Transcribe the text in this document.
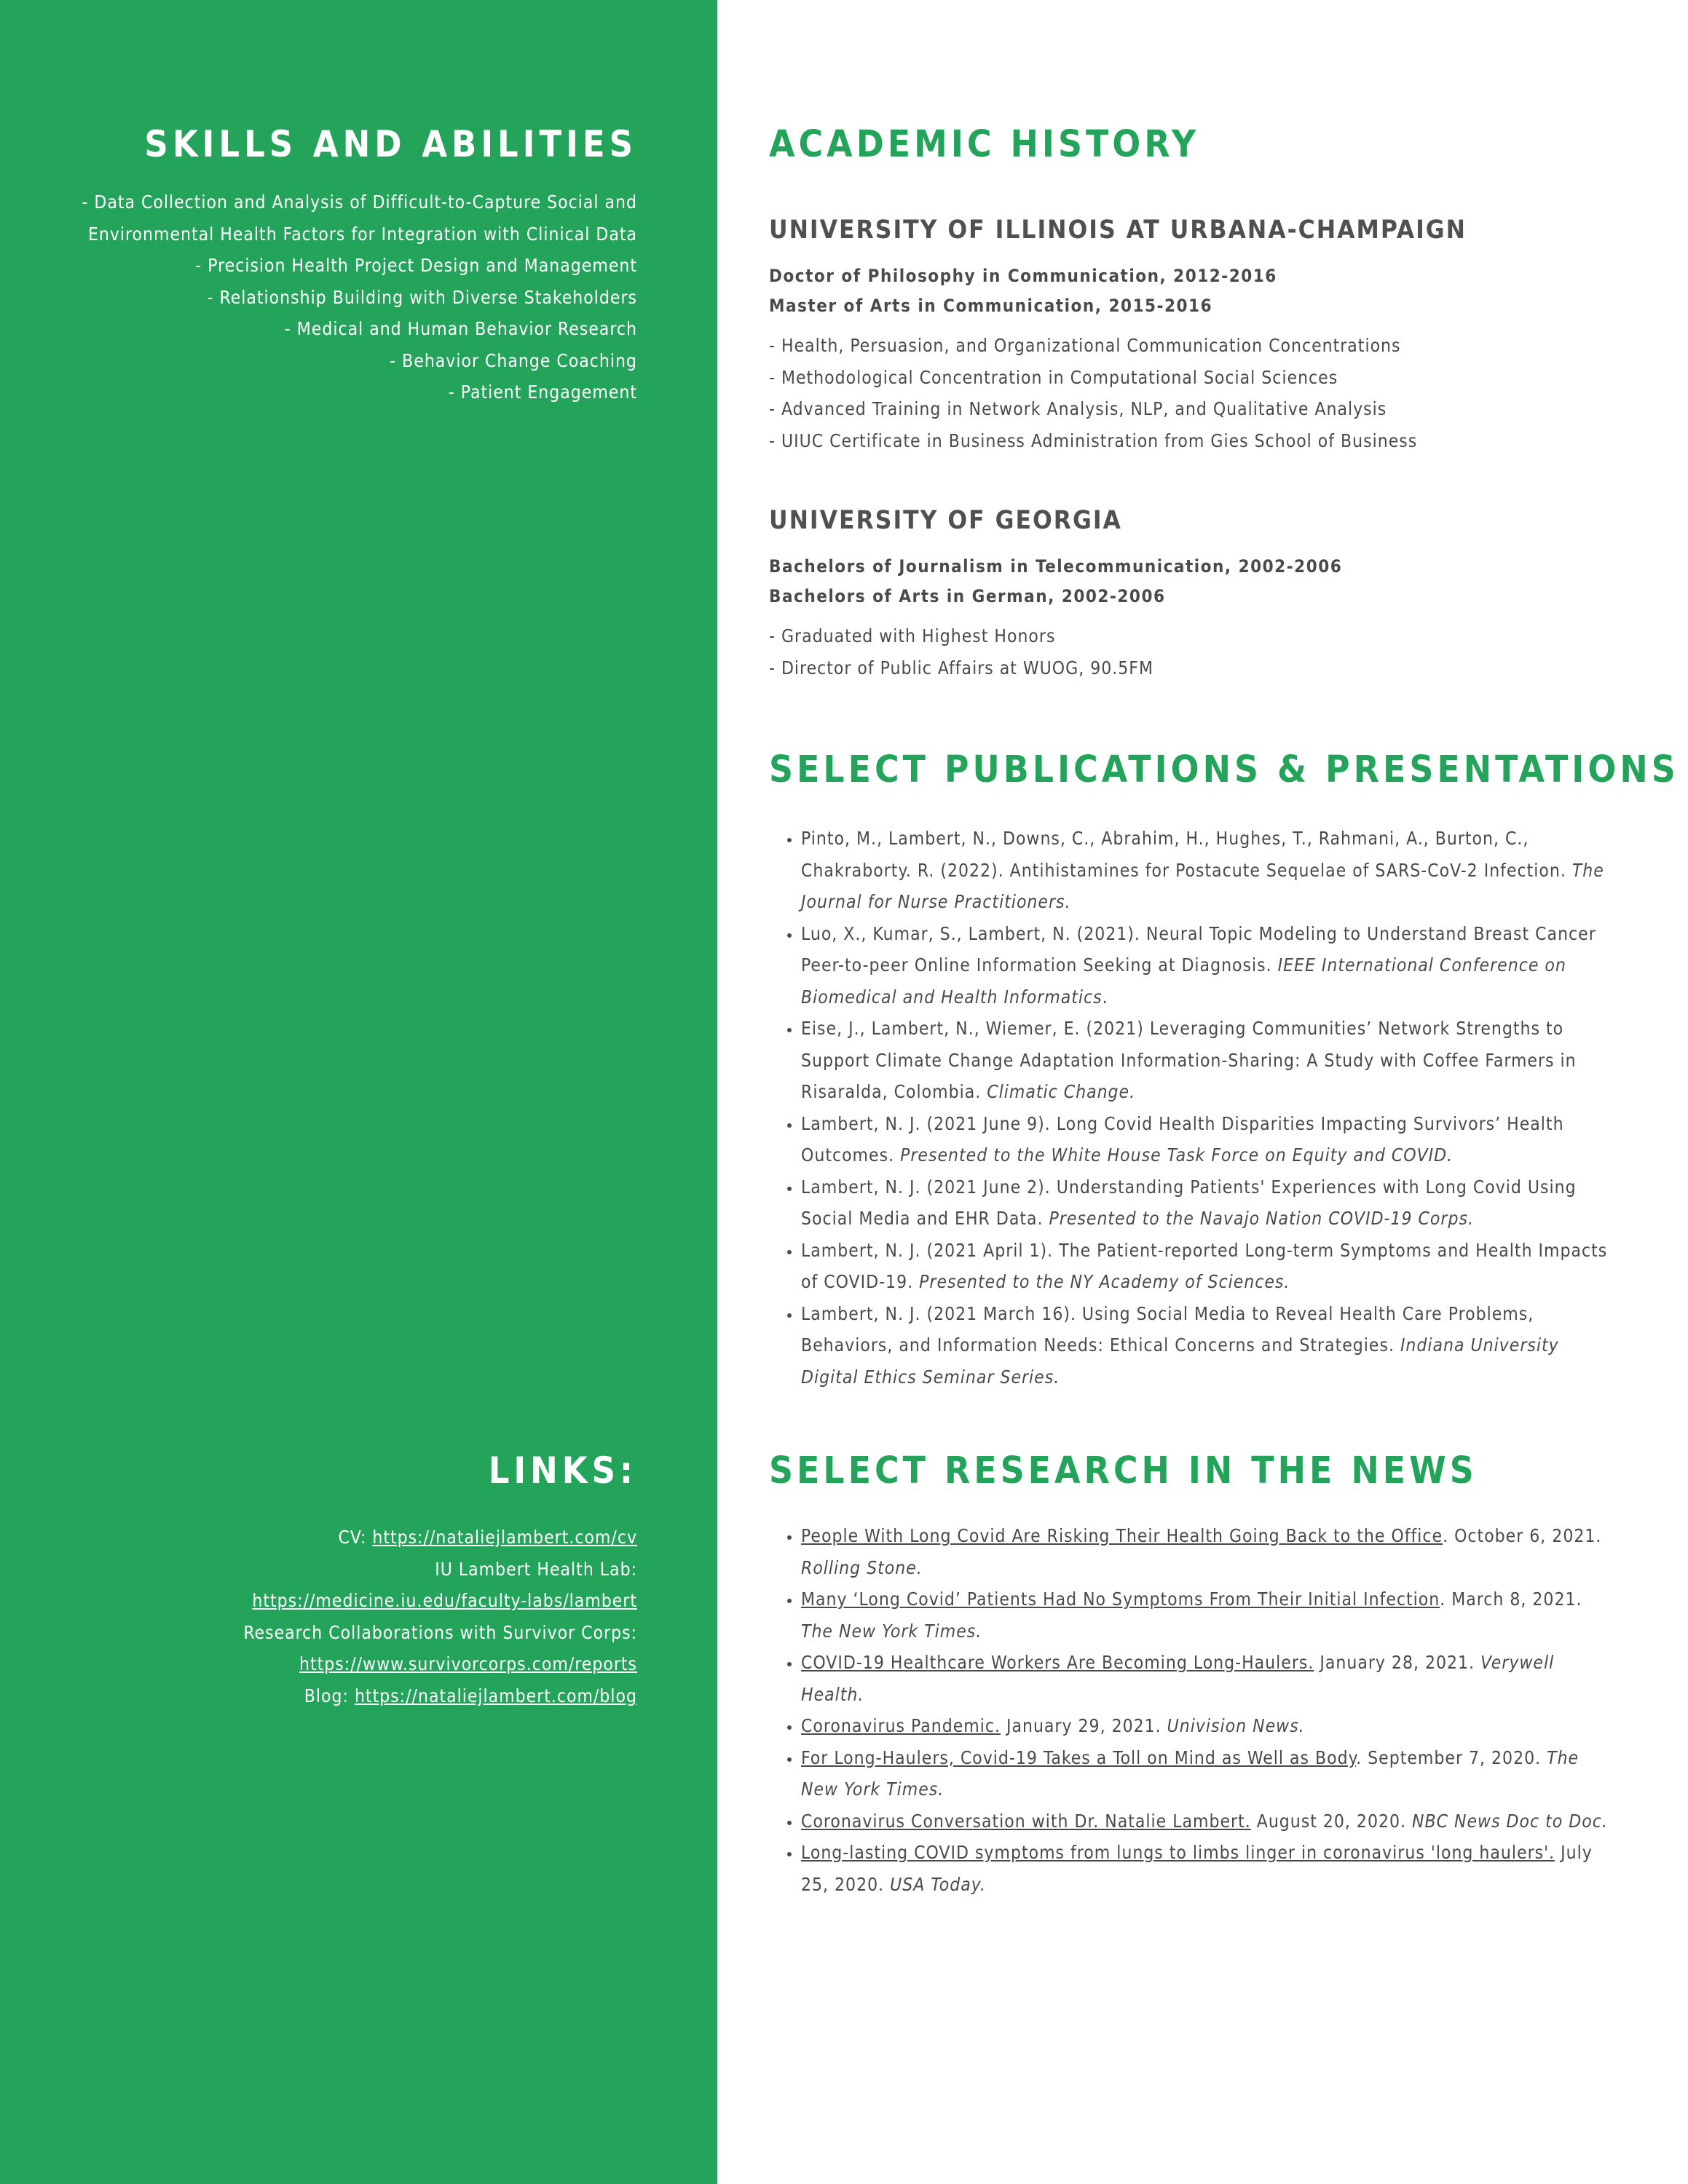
SKILLS AND ABILITIES
- Data Collection and Analysis of Difficult-to-Capture Social and
Environmental Health Factors for Integration with Clinical Data
- Precision Health Project Design and Management
- Relationship Building with Diverse Stakeholders
- Medical and Human Behavior Research
- Behavior Change Coaching
- Patient Engagement
LINKS:
CV: https://nataliejlambert.com/cv
IU Lambert Health Lab:
https://medicine.iu.edu/faculty-labs/lambert
Research Collaborations with Survivor Corps:
https://www.survivorcorps.com/reports
Blog: https://nataliejlambert.com/blog
ACADEMIC HISTORY
UNIVERSITY OF ILLINOIS AT URBANA-CHAMPAIGN
Doctor of Philosophy in Communication, 2012-2016
Master of Arts in Communication, 2015-2016
- Health, Persuasion, and Organizational Communication Concentrations
- Methodological Concentration in Computational Social Sciences
- Advanced Training in Network Analysis, NLP, and Qualitative Analysis
- UIUC Certificate in Business Administration from Gies School of Business
UNIVERSITY OF GEORGIA
Bachelors of Journalism in Telecommunication, 2002-2006
Bachelors of Arts in German, 2002-2006
- Graduated with Highest Honors
- Director of Public Affairs at WUOG, 90.5FM
SELECT PUBLICATIONS & PRESENTATIONS
• Pinto, M., Lambert, N., Downs, C., Abrahim, H., Hughes, T., Rahmani, A., Burton, C., Chakraborty. R. (2022). Antihistamines for Postacute Sequelae of SARS-CoV-2 Infection. The Journal for Nurse Practitioners.
• Luo, X., Kumar, S., Lambert, N. (2021). Neural Topic Modeling to Understand Breast Cancer Peer-to-peer Online Information Seeking at Diagnosis. IEEE International Conference on Biomedical and Health Informatics.
• Eise, J., Lambert, N., Wiemer, E. (2021) Leveraging Communities’ Network Strengths to Support Climate Change Adaptation Information-Sharing: A Study with Coffee Farmers in Risaralda, Colombia. Climatic Change.
• Lambert, N. J. (2021 June 9). Long Covid Health Disparities Impacting Survivors’ Health Outcomes. Presented to the White House Task Force on Equity and COVID.
• Lambert, N. J. (2021 June 2). Understanding Patients' Experiences with Long Covid Using Social Media and EHR Data. Presented to the Navajo Nation COVID-19 Corps.
• Lambert, N. J. (2021 April 1). The Patient-reported Long-term Symptoms and Health Impacts of COVID-19. Presented to the NY Academy of Sciences.
• Lambert, N. J. (2021 March 16). Using Social Media to Reveal Health Care Problems, Behaviors, and Information Needs: Ethical Concerns and Strategies. Indiana University Digital Ethics Seminar Series.
SELECT RESEARCH IN THE NEWS
• People With Long Covid Are Risking Their Health Going Back to the Office. October 6, 2021. Rolling Stone.
• Many ‘Long Covid’ Patients Had No Symptoms From Their Initial Infection. March 8, 2021. The New York Times.
• COVID-19 Healthcare Workers Are Becoming Long-Haulers. January 28, 2021. Verywell Health.
• Coronavirus Pandemic. January 29, 2021. Univision News.
• For Long-Haulers, Covid-19 Takes a Toll on Mind as Well as Body. September 7, 2020. The New York Times.
• Coronavirus Conversation with Dr. Natalie Lambert. August 20, 2020. NBC News Doc to Doc.
• Long-lasting COVID symptoms from lungs to limbs linger in coronavirus 'long haulers'. July 25, 2020. USA Today.
